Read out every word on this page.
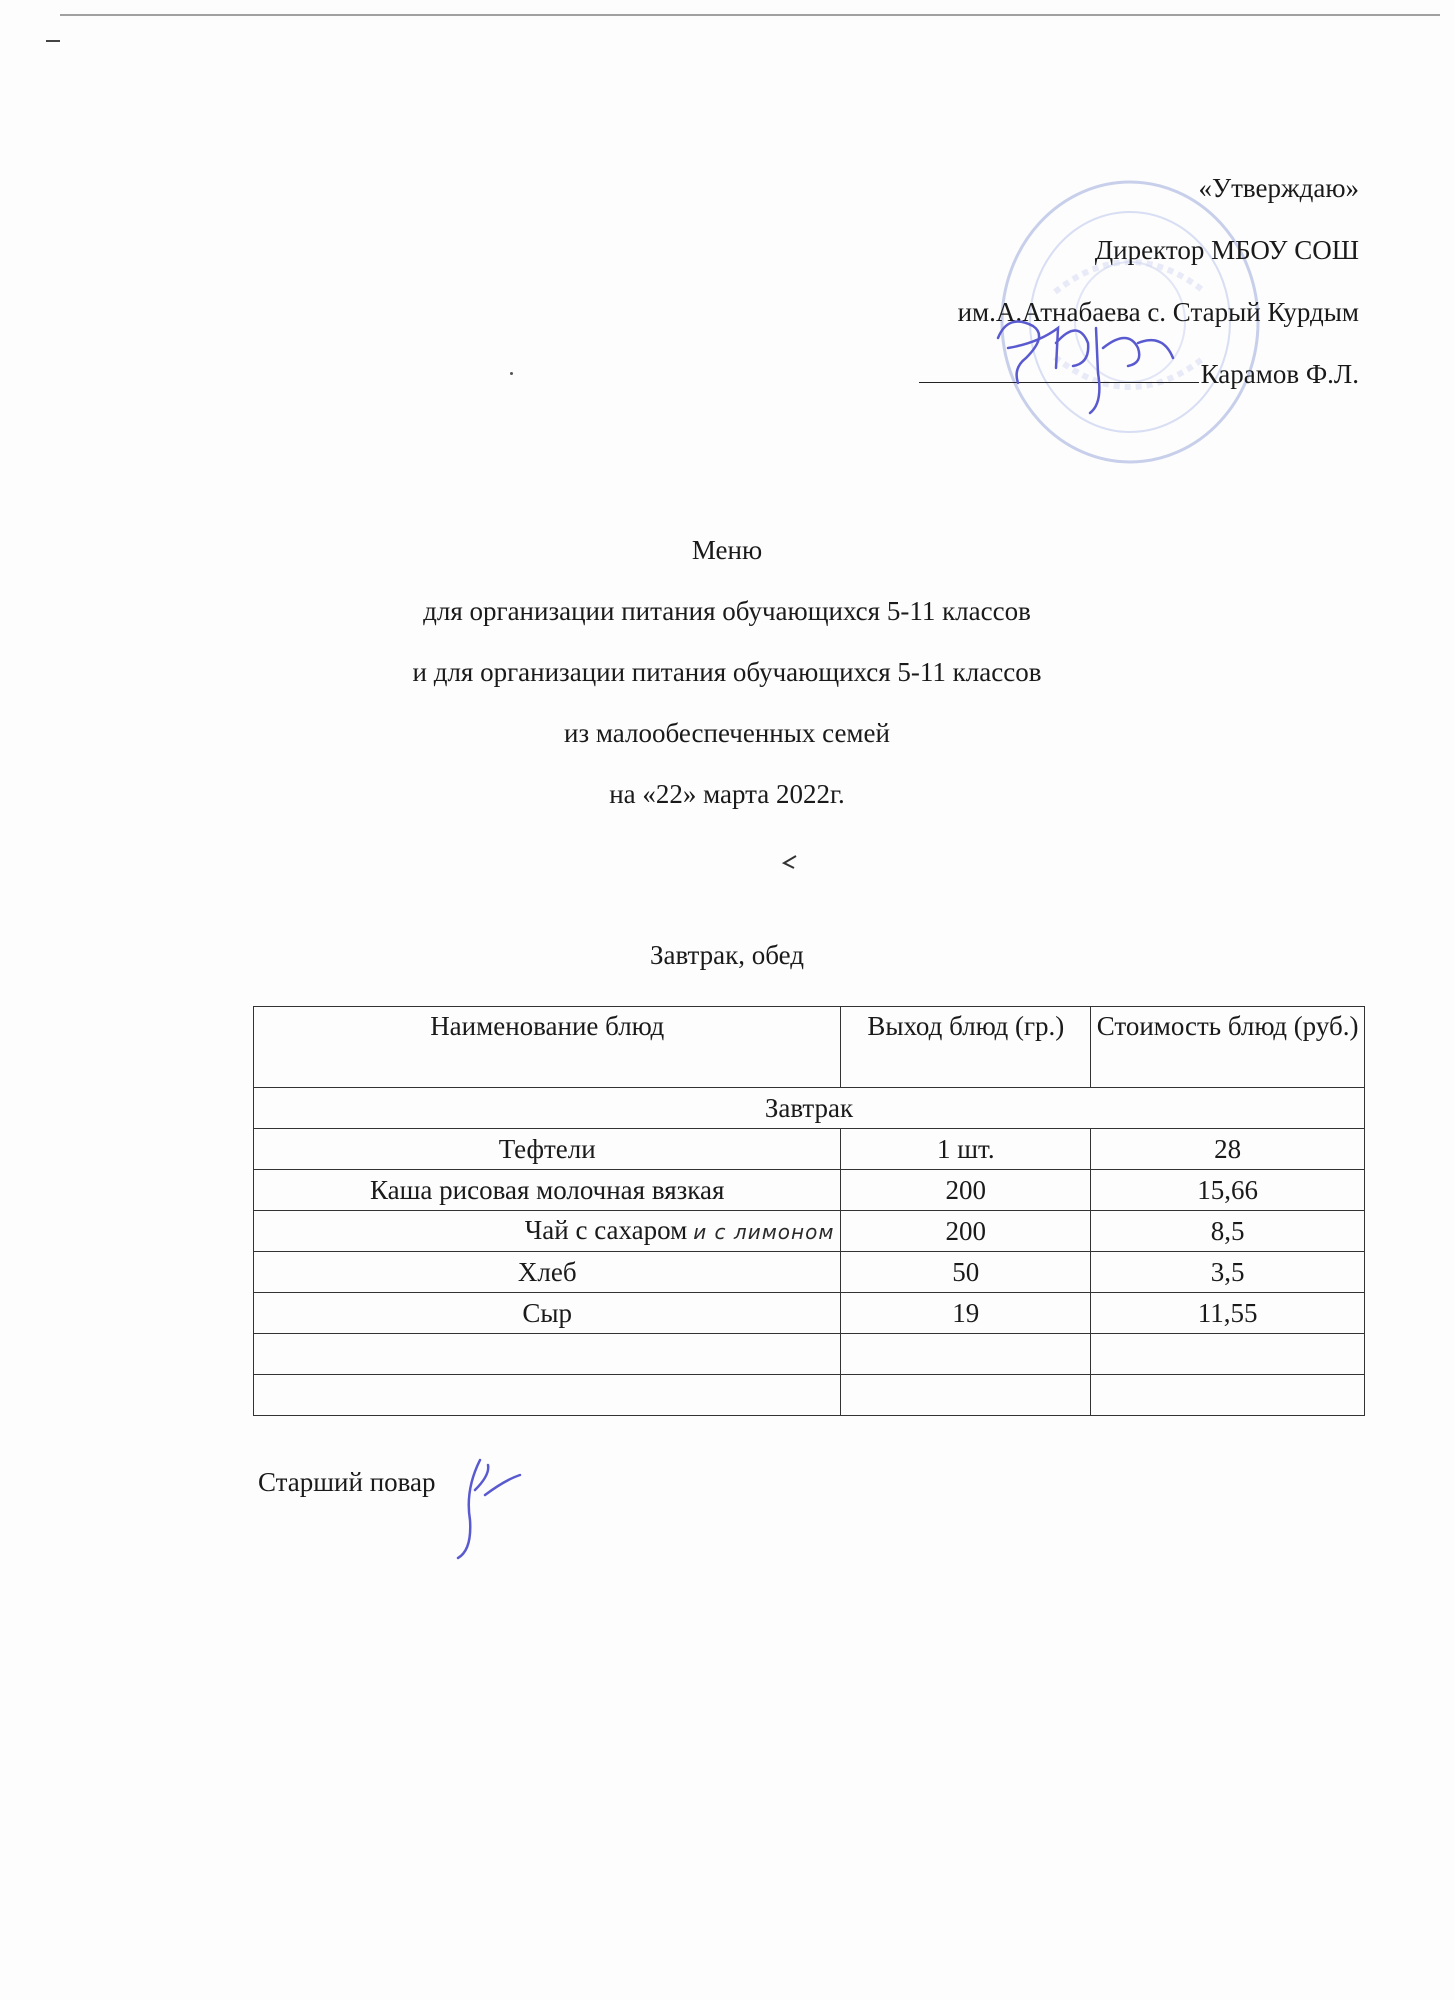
«Утверждаю»
Директор МБОУ СОШ
им.А.Атнабаева с. Старый Курдым
Карамов Ф.Л.
Меню
для организации питания обучающихся 5-11 классов
и для организации питания обучающихся 5-11 классов
из малообеспеченных семей
на «22» марта 2022г.
Завтрак, обед
Наименование блюд	Выход блюд (гр.)	Стоимость блюд (руб.)
Завтрак		
Тефтели	1 шт.	28
Каша рисовая молочная вязкая	200	15,66
Чай с сахаром и с лимоном	200	8,5
Хлеб	50	3,5
Сыр	19	11,55

Старший повар
